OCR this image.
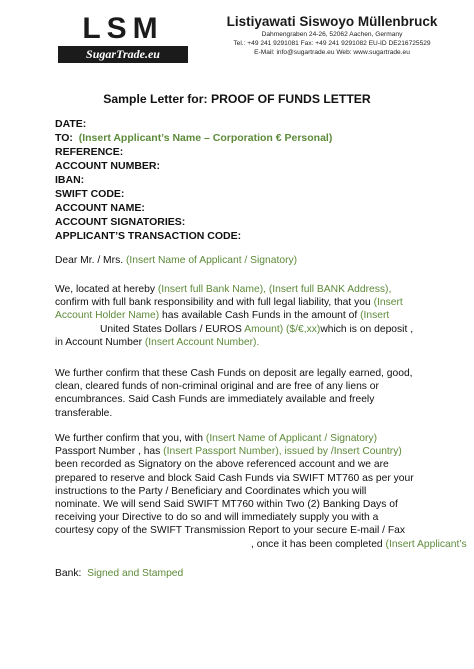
LSM
SugarTrade.eu
Listiyawati Siswoyo Müllenbruck
Dahmengraben 24-26, 52062 Aachen, Germany
Tel.: +49 241 9291081 Fax: +49 241 9291082 EU-ID DE216725529
E-Mail: info@sugartrade.eu Web: www.sugartrade.eu
Sample Letter for: PROOF OF FUNDS LETTER
DATE:
TO: (Insert Applicant’s Name – Corporation € Personal)
REFERENCE:
ACCOUNT NUMBER:
IBAN:
SWIFT CODE:
ACCOUNT NAME:
ACCOUNT SIGNATORIES:
APPLICANT’S TRANSACTION CODE:
Dear Mr. / Mrs. (Insert Name of Applicant / Signatory)
We, located at hereby (Insert full Bank Name), (Insert full BANK Address),
confirm with full bank responsibility and with full legal liability, that you (Insert
Account Holder Name) has available Cash Funds in the amount of (Insert
United States Dollars / EUROS Amount) ($/€,xx)which is on deposit ,
in Account Number (Insert Account Number).
We further confirm that these Cash Funds on deposit are legally earned, good,
clean, cleared funds of non-criminal original and are free of any liens or
encumbrances. Said Cash Funds are immediately available and freely
transferable.
We further confirm that you, with (Insert Name of Applicant / Signatory)
Passport Number , has (Insert Passport Number), issued by /Insert Country)
been recorded as Signatory on the above referenced account and we are
prepared to reserve and block Said Cash Funds via SWIFT MT760 as per your
instructions to the Party / Beneficiary and Coordinates which you will
nominate. We will send Said SWIFT MT760 within Two (2) Banking Days of
receiving your Directive to do so and will immediately supply you with a
courtesy copy of the SWIFT Transmission Report to your secure E-mail / Fax
, once it has been completed (Insert Applicant’s
Bank: Signed and Stamped
